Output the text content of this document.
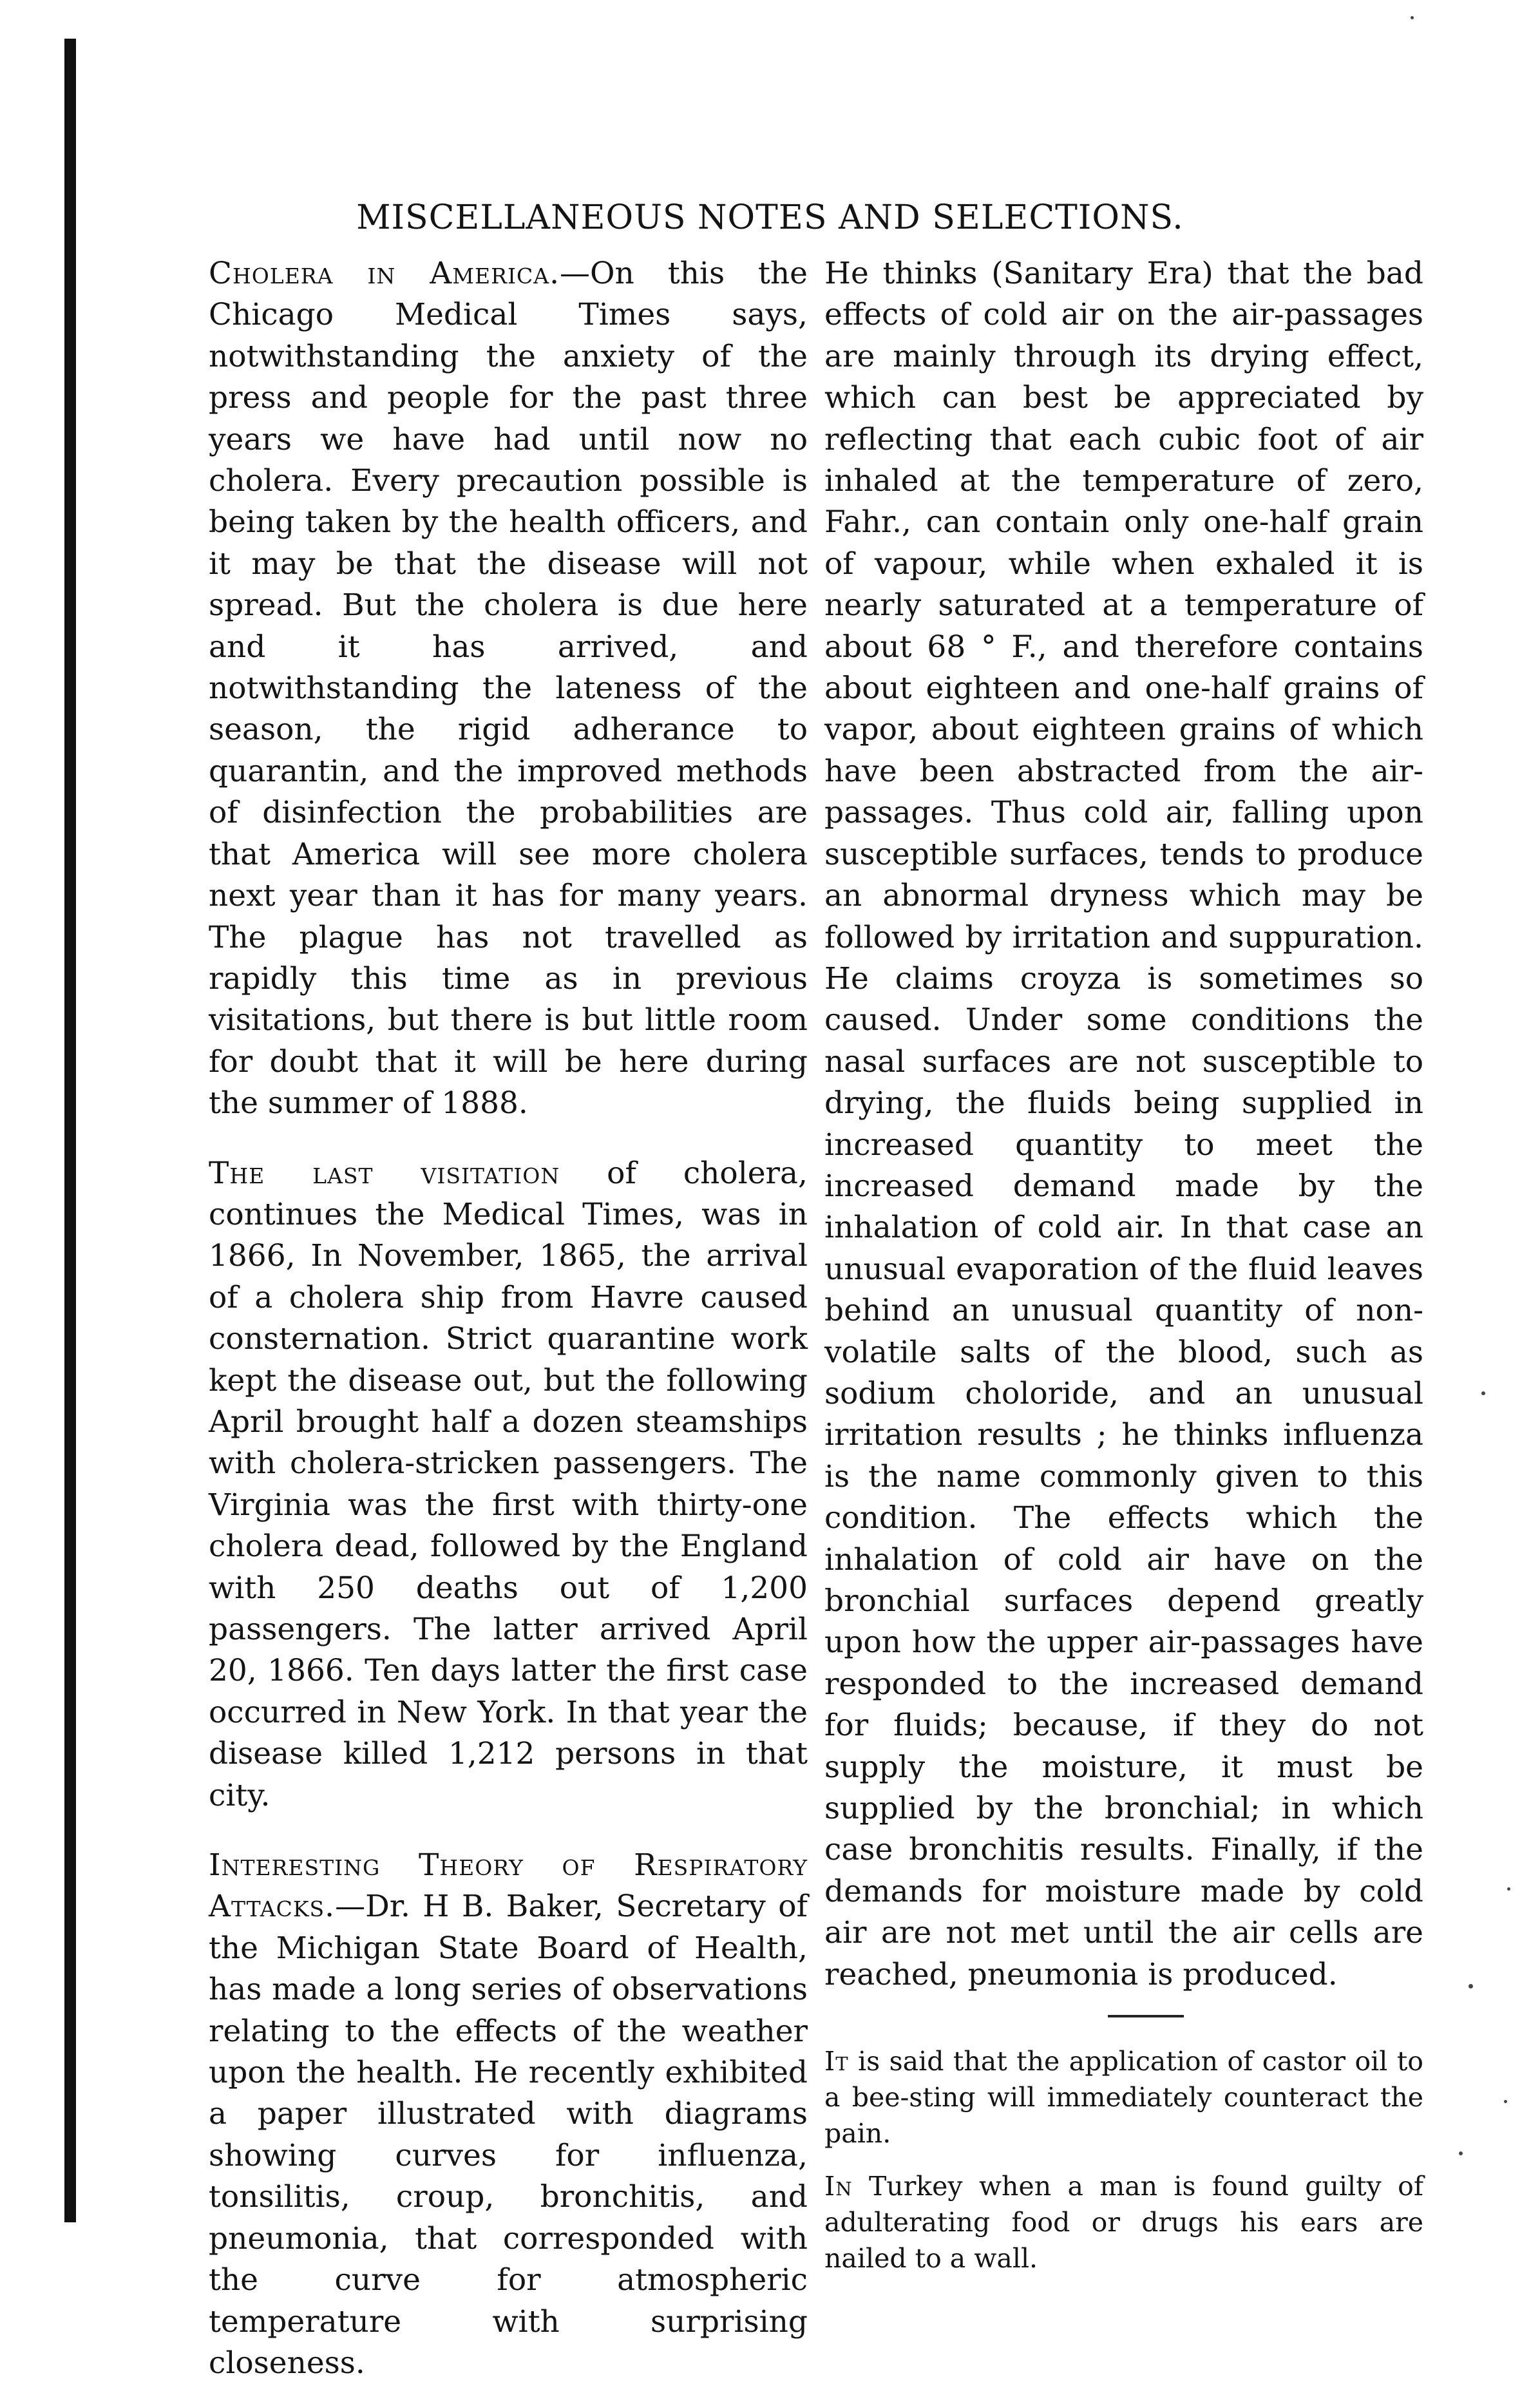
MISCELLANEOUS NOTES AND SELECTIONS.

Cholera in America.—On this the Chicago Medical Times says, notwithstanding the anxiety of the press and people for the past three years we have had until now no cholera. Every precaution possible is being taken by the health officers, and it may be that the disease will not spread. But the cholera is due here and it has arrived, and notwithstanding the lateness of the season, the rigid adherance to quarantin, and the improved methods of disinfection the probabilities are that America will see more cholera next year than it has for many years. The plague has not travelled as rapidly this time as in previous visitations, but there is but little room for doubt that it will be here during the summer of 1888.

The last visitation of cholera, continues the Medical Times, was in 1866, In November, 1865, the arrival of a cholera ship from Havre caused consternation. Strict quarantine work kept the disease out, but the following April brought half a dozen steamships with cholera-stricken passengers. The Virginia was the first with thirty-one cholera dead, followed by the England with 250 deaths out of 1,200 passengers. The latter arrived April 20, 1866. Ten days latter the first case occurred in New York. In that year the disease killed 1,212 persons in that city.

Interesting Theory of Respiratory Attacks.—Dr. H B. Baker, Secretary of the Michigan State Board of Health, has made a long series of observations relating to the effects of the weather upon the health. He recently exhibited a paper illustrated with diagrams showing curves for influenza, tonsilitis, croup, bronchitis, and pneumonia, that corresponded with the curve for atmospheric temperature with surprising closeness.

He thinks (Sanitary Era) that the bad effects of cold air on the air-passages are mainly through its drying effect, which can best be appreciated by reflecting that each cubic foot of air inhaled at the temperature of zero, Fahr., can contain only one-half grain of vapour, while when exhaled it is nearly saturated at a temperature of about 68 ° F., and therefore contains about eighteen and one-half grains of vapor, about eighteen grains of which have been abstracted from the air-passages. Thus cold air, falling upon susceptible surfaces, tends to produce an abnormal dryness which may be followed by irritation and suppuration. He claims croyza is sometimes so caused. Under some conditions the nasal surfaces are not susceptible to drying, the fluids being supplied in increased quantity to meet the increased demand made by the inhalation of cold air. In that case an unusual evaporation of the fluid leaves behind an unusual quantity of non-volatile salts of the blood, such as sodium choloride, and an unusual irritation results ; he thinks influenza is the name commonly given to this condition. The effects which the inhalation of cold air have on the bronchial surfaces depend greatly upon how the upper air-passages have responded to the increased demand for fluids; because, if they do not supply the moisture, it must be supplied by the bronchial; in which case bronchitis results. Finally, if the demands for moisture made by cold air are not met until the air cells are reached, pneumonia is produced.

It is said that the application of castor oil to a bee-sting will immediately counteract the pain.

In Turkey when a man is found guilty of adulterating food or drugs his ears are nailed to a wall.
